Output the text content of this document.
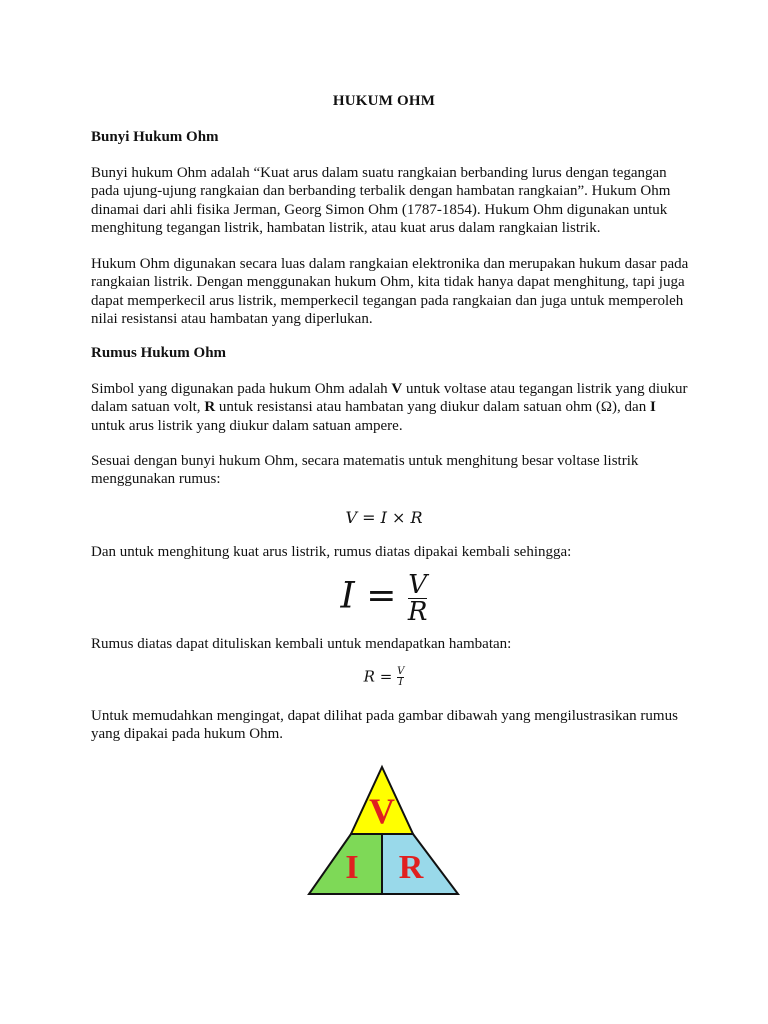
HUKUM OHM
Bunyi Hukum Ohm
Bunyi hukum Ohm adalah “Kuat arus dalam suatu rangkaian berbanding lurus dengan tegangan pada ujung-ujung rangkaian dan berbanding terbalik dengan hambatan rangkaian”. Hukum Ohm dinamai dari ahli fisika Jerman, Georg Simon Ohm (1787-1854). Hukum Ohm digunakan untuk menghitung tegangan listrik, hambatan listrik, atau kuat arus dalam rangkaian listrik.
Hukum Ohm digunakan secara luas dalam rangkaian elektronika dan merupakan hukum dasar pada rangkaian listrik. Dengan menggunakan hukum Ohm, kita tidak hanya dapat menghitung, tapi juga dapat memperkecil arus listrik, memperkecil tegangan pada rangkaian dan juga untuk memperoleh nilai resistansi atau hambatan yang diperlukan.
Rumus Hukum Ohm
Simbol yang digunakan pada hukum Ohm adalah V untuk voltase atau tegangan listrik yang diukur dalam satuan volt, R untuk resistansi atau hambatan yang diukur dalam satuan ohm (Ω), dan I untuk arus listrik yang diukur dalam satuan ampere.
Sesuai dengan bunyi hukum Ohm, secara matematis untuk menghitung besar voltase listrik menggunakan rumus:
V = I × R
Dan untuk menghitung kuat arus listrik, rumus diatas dipakai kembali sehingga:
$I = \frac{V}{R}$
Rumus diatas dapat dituliskan kembali untuk mendapatkan hambatan:
$R = \frac{V}{I}$
Untuk memudahkan mengingat, dapat dilihat pada gambar dibawah yang mengilustrasikan rumus yang dipakai pada hukum Ohm.
V
I R
